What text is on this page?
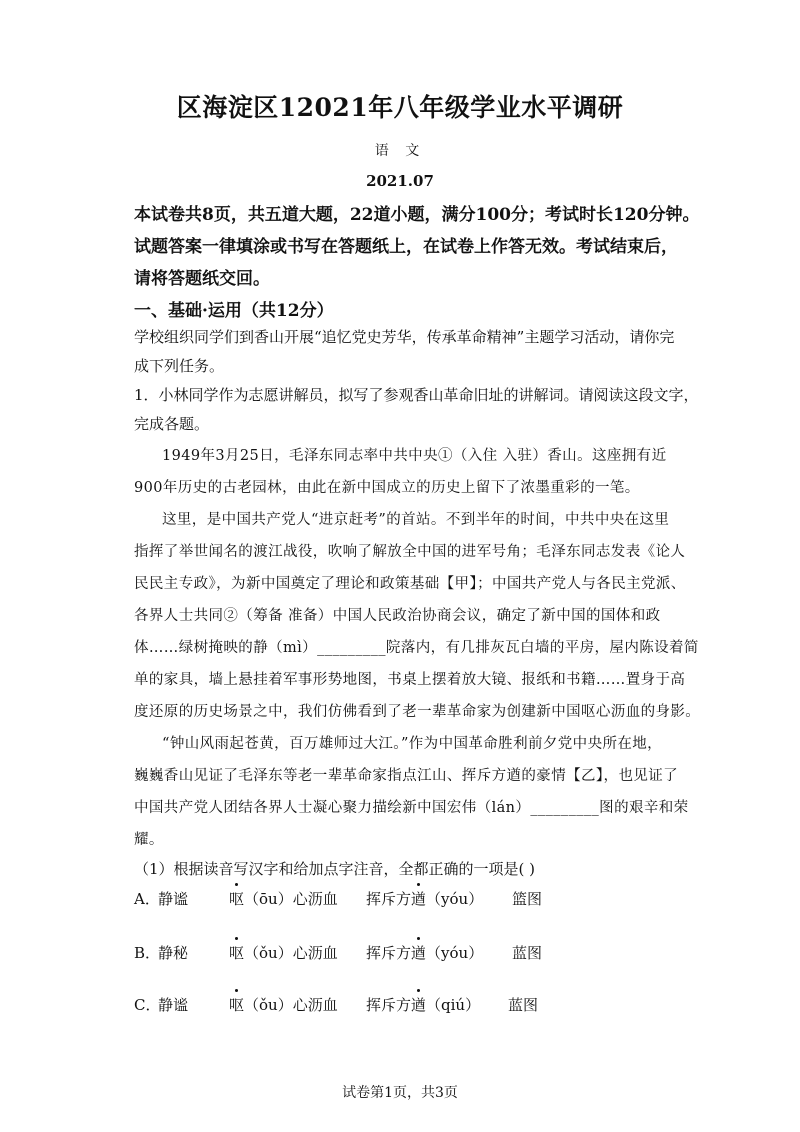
区海淀区12021年八年级学业水平调研
语 文
2021.07
本试卷共8页，共五道大题，22道小题，满分100分；考试时长120分钟。
试题答案一律填涂或书写在答题纸上，在试卷上作答无效。考试结束后，
请将答题纸交回。
一、基础·运用（共12分）
学校组织同学们到香山开展“追忆党史芳华，传承革命精神”主题学习活动，请你完
成下列任务。
1．小林同学作为志愿讲解员，拟写了参观香山革命旧址的讲解词。请阅读这段文字，
完成各题。
1949年3月25日，毛泽东同志率中共中央①（入住 入驻）香山。这座拥有近
900年历史的古老园林，由此在新中国成立的历史上留下了浓墨重彩的一笔。
这里，是中国共产党人“进京赶考”的首站。不到半年的时间，中共中央在这里
指挥了举世闻名的渡江战役，吹响了解放全中国的进军号角；毛泽东同志发表《论人
民民主专政》，为新中国奠定了理论和政策基础【甲】；中国共产党人与各民主党派、
各界人士共同②（筹备 准备）中国人民政治协商会议，确定了新中国的国体和政
体……绿树掩映的静（mì）_________院落内，有几排灰瓦白墙的平房，屋内陈设着简
单的家具，墙上悬挂着军事形势地图，书桌上摆着放大镜、报纸和书籍……置身于高
度还原的历史场景之中，我们仿佛看到了老一辈革命家为创建新中国呕心沥血的身影。
“钟山风雨起苍黄，百万雄师过大江。”作为中国革命胜利前夕党中央所在地，
巍巍香山见证了毛泽东等老一辈革命家指点江山、挥斥方遒的豪情【乙】，也见证了
中国共产党人团结各界人士凝心聚力描绘新中国宏伟（lán）_________图的艰辛和荣
耀。
（1）根据读音写汉字和给加点字注音，全都正确的一项是( )
A．
静谧	呕（ōu）心沥血 挥斥方遒（yóu） 篮图
B．
静秘	呕（ǒu）心沥血 挥斥方遒（yóu） 蓝图
C．
静谧	呕（ǒu）心沥血 挥斥方遒（qiú） 蓝图
试卷第1页，共3页
